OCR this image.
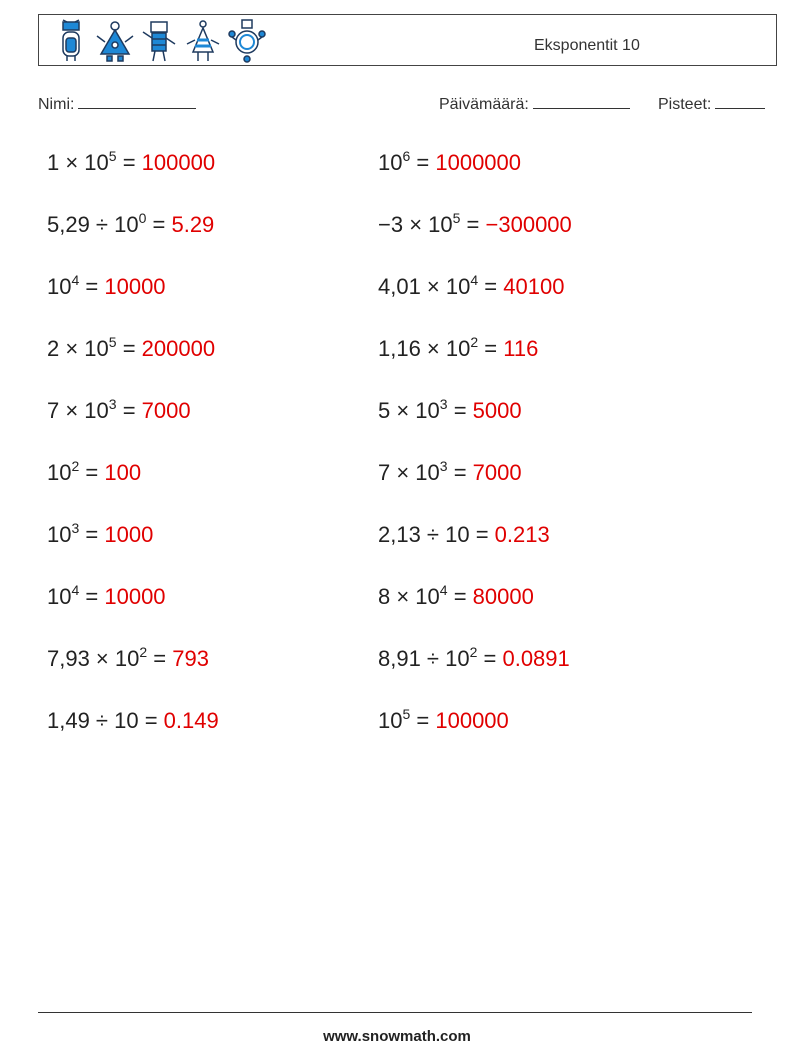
Eksponentit 10
Nimi:	Päivämäärä:	Pisteet:
$1 \times 10^5 = 100000$	$10^6 = 1000000$
$5,29 \div 10^0 = 5.29$	$-3 \times 10^5 = -300000$
$10^4 = 10000$	$4,01 \times 10^4 = 40100$
$2 \times 10^5 = 200000$	$1,16 \times 10^2 = 116$
$7 \times 10^3 = 7000$	$5 \times 10^3 = 5000$
$10^2 = 100$	$7 \times 10^3 = 7000$
$10^3 = 1000$	2,13 ÷ 10 = 0.213
$10^4 = 10000$	$8 \times 10^4 = 80000$
$7,93 \times 10^2 = 793$	$8,91 \div 10^2 = 0.0891$
1,49 ÷ 10 = 0.149	$10^5 = 100000$
www.snowmath.com
